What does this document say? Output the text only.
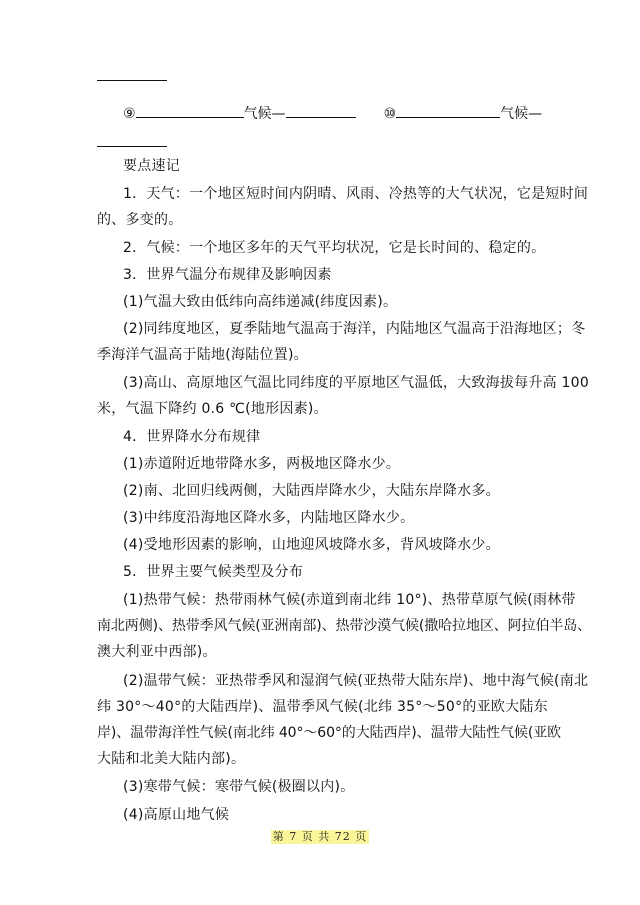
⑨	气候—	⑩	气候—
要点速记
1．天气：一个地区短时间内阴晴、风雨、冷热等的大气状况，它是短时间
的、多变的。
2．气候：一个地区多年的天气平均状况，它是长时间的、稳定的。
3．世界气温分布规律及影响因素
(1)气温大致由低纬向高纬递减(纬度因素)。
(2)同纬度地区，夏季陆地气温高于海洋，内陆地区气温高于沿海地区；冬
季海洋气温高于陆地(海陆位置)。
(3)高山、高原地区气温比同纬度的平原地区气温低，大致海拔每升高 100
米，气温下降约 0.6 ℃(地形因素)。
4．世界降水分布规律
(1)赤道附近地带降水多，两极地区降水少。
(2)南、北回归线两侧，大陆西岸降水少，大陆东岸降水多。
(3)中纬度沿海地区降水多，内陆地区降水少。
(4)受地形因素的影响，山地迎风坡降水多，背风坡降水少。
5．世界主要气候类型及分布
(1)热带气候：热带雨林气候(赤道到南北纬 10°)、热带草原气候(雨林带
南北两侧)、热带季风气候(亚洲南部)、热带沙漠气候(撒哈拉地区、阿拉伯半岛、
澳大利亚中西部)。
(2)温带气候：亚热带季风和湿润气候(亚热带大陆东岸)、地中海气候(南北
纬 30°～40°的大陆西岸)、温带季风气候(北纬 35°～50°的亚欧大陆东
岸)、温带海洋性气候(南北纬 40°～60°的大陆西岸)、温带大陆性气候(亚欧
大陆和北美大陆内部)。
(3)寒带气候：寒带气候(极圈以内)。
(4)高原山地气候
第 7 页 共 72 页
